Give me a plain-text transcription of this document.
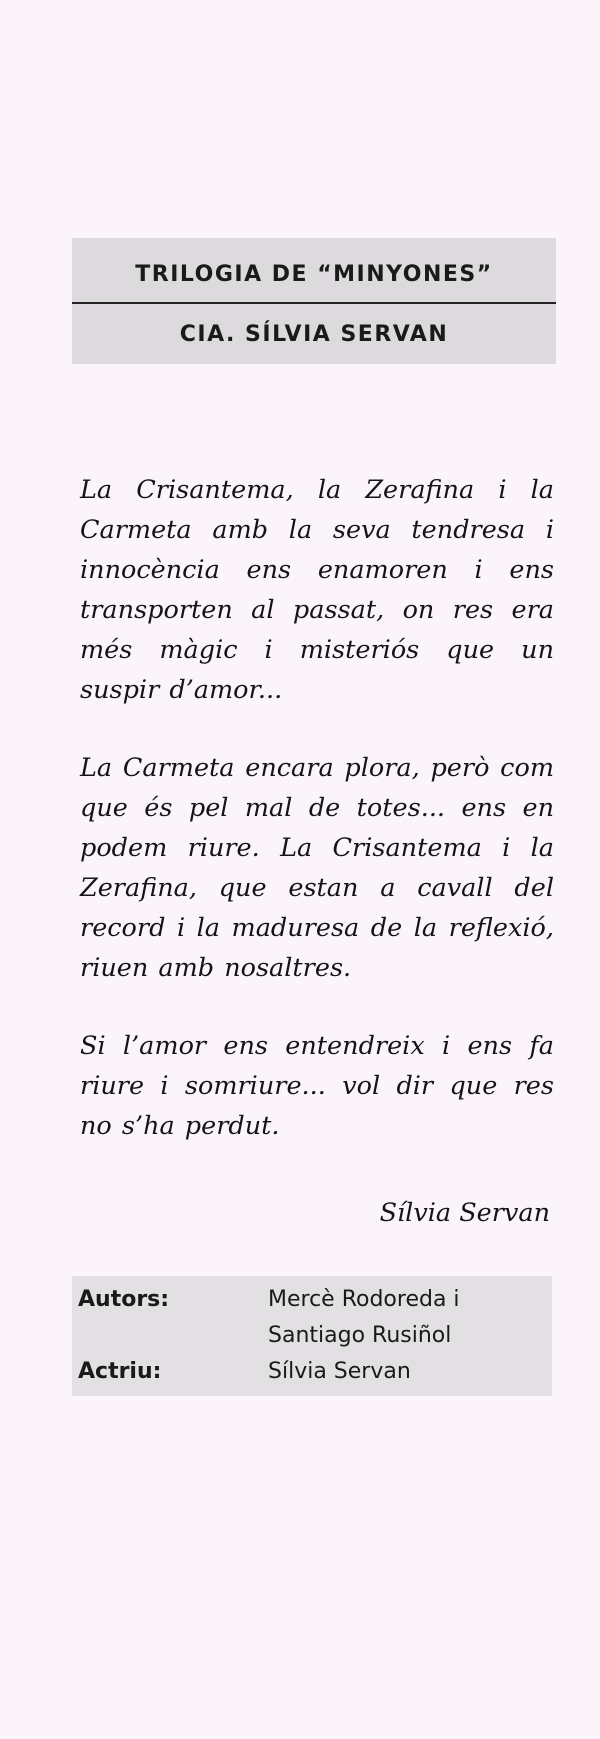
TRILOGIA DE “MINYONES”
CIA. SÍLVIA SERVAN

La Crisantema, la Zerafina i la Carmeta amb la seva tendresa i innocència ens enamoren i ens transporten al passat, on res era més màgic i misteriós que un suspir d’amor...

La Carmeta encara plora, però com que és pel mal de totes... ens en podem riure. La Crisantema i la Zerafina, que estan a cavall del record i la maduresa de la reflexió, riuen amb nosaltres.

Si l’amor ens entendreix i ens fa riure i somriure... vol dir que res no s’ha perdut.

Sílvia Servan
Autors:	Mercè Rodoreda i
Santiago Rusiñol
Actriu:	Sílvia Servan
